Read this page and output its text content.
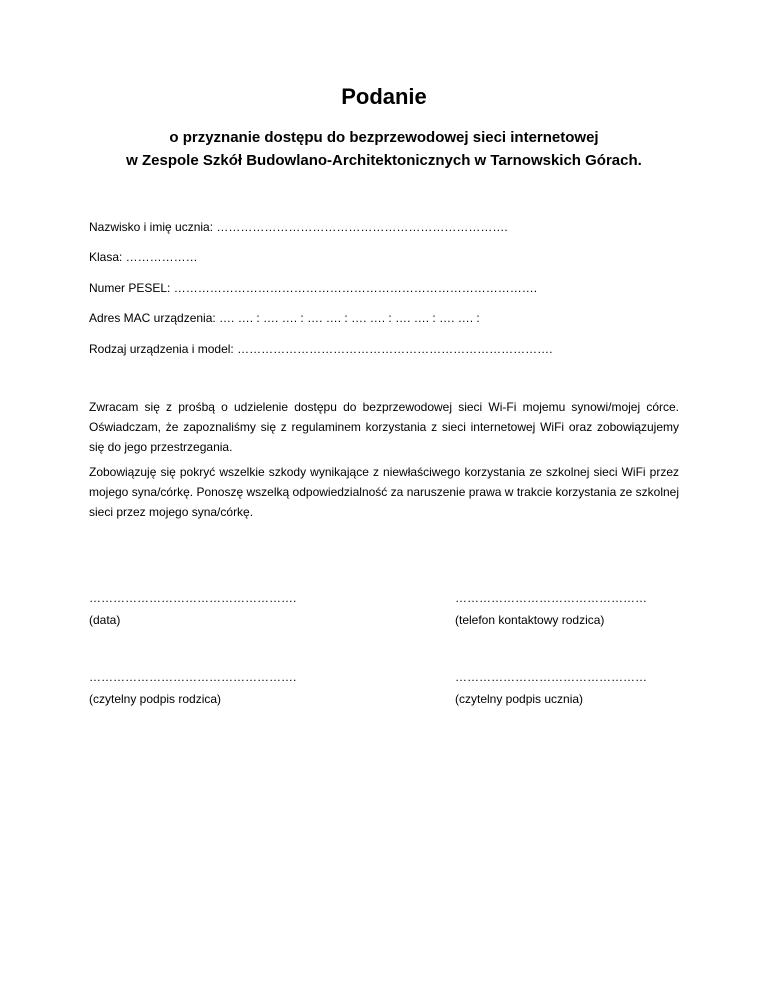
Podanie
o przyznanie dostępu do bezprzewodowej sieci internetowej
w Zespole Szkół Budowlano-Architektonicznych w Tarnowskich Górach.
Nazwisko i imię ucznia: ……………………………………………………………….
Klasa: ………………
Numer PESEL: ……………………………………………………………………………….
Adres MAC urządzenia: …. …. : …. …. : …. …. : …. …. : …. …. : …. …. :
Rodzaj urządzenia i model: …………………………………………………………………….
Zwracam się z prośbą o udzielenie dostępu do bezprzewodowej sieci Wi-Fi mojemu synowi/mojej córce. Oświadczam, że zapoznaliśmy się z regulaminem korzystania z sieci internetowej WiFi oraz zobowiązujemy się do jego przestrzegania.
Zobowiązuję się pokryć wszelkie szkody wynikające z niewłaściwego korzystania ze szkolnej sieci WiFi przez mojego syna/córkę. Ponoszę wszelką odpowiedzialność za naruszenie prawa w trakcie korzystania ze szkolnej sieci przez mojego syna/córkę.
…………………………………………….
(data)
…………………………………………
(telefon kontaktowy rodzica)
…………………………………………….
(czytelny podpis rodzica)
…………………………………………
(czytelny podpis ucznia)
